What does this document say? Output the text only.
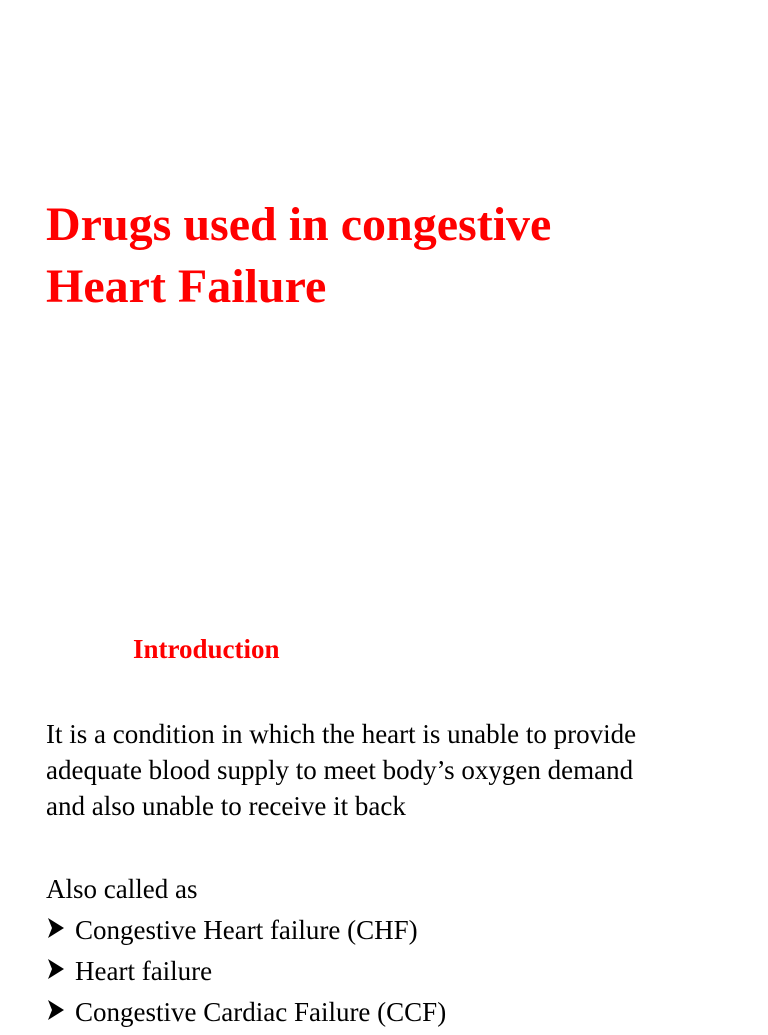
Drugs used in congestive
Heart Failure
Introduction

It is a condition in which the heart is unable to provide
adequate blood supply to meet body’s oxygen demand
and also unable to receive it back

Also called as

Congestive Heart failure (CHF)
Heart failure
Congestive Cardiac Failure (CCF)
